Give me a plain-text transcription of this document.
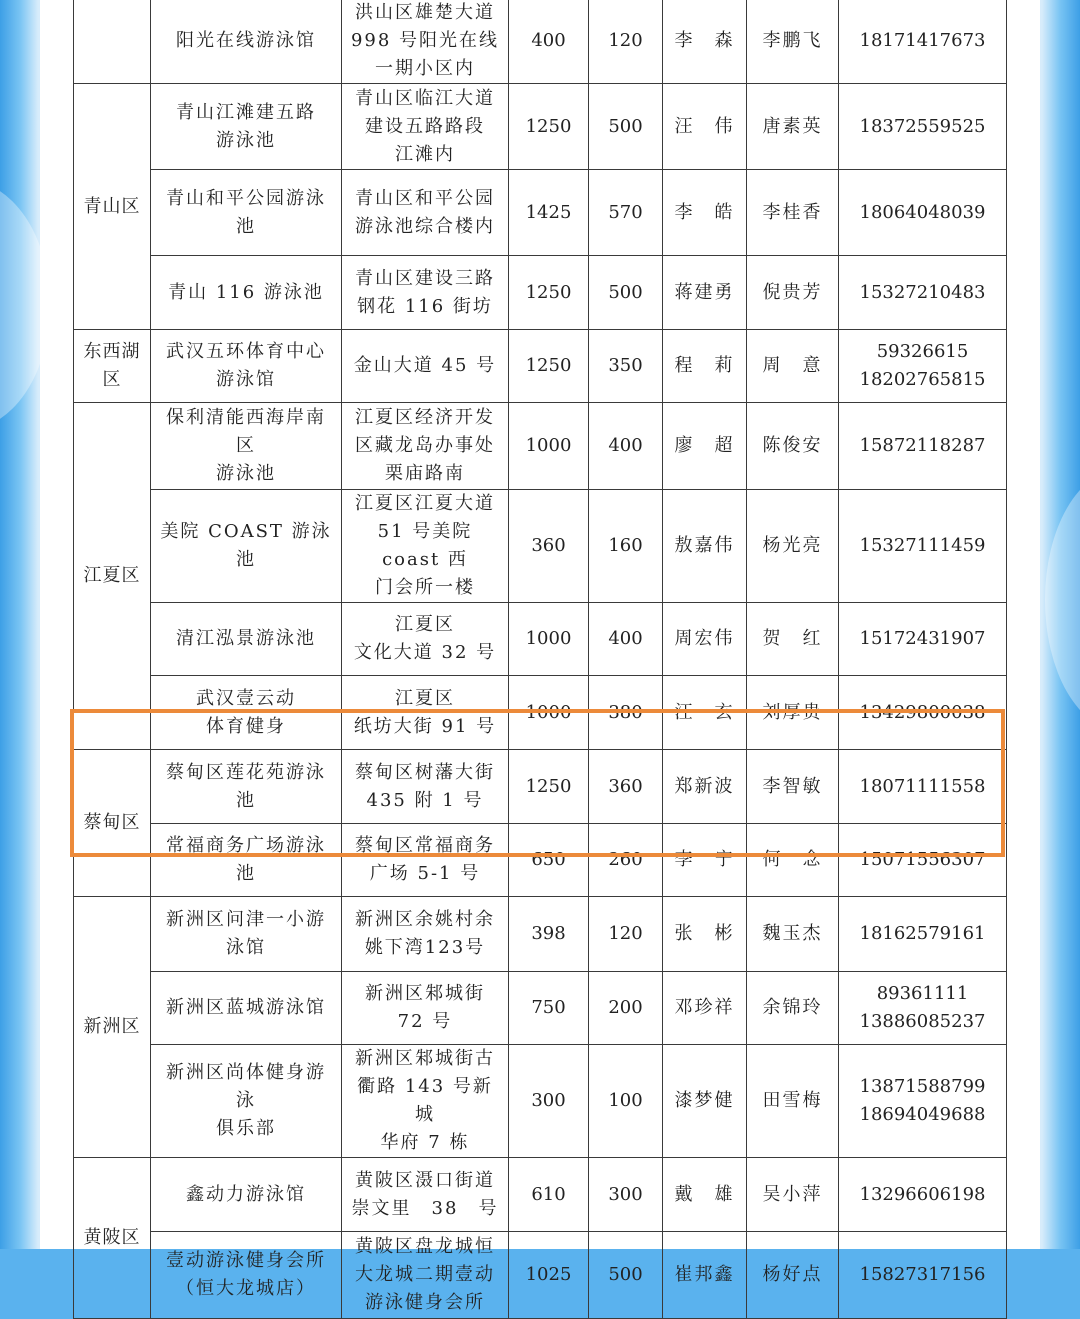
	阳光在线游泳馆	洪山区雄楚大道
998 号阳光在线
一期小区内	400	120	李　森	李鹏飞	18171417673
青山区	青山江滩建五路
游泳池	青山区临江大道
建设五路路段
江滩内	1250	500	汪　伟	唐素英	18372559525
	青山和平公园游泳池	青山区和平公园
游泳池综合楼内	1425	570	李　皓	李桂香	18064048039
	青山 116 游泳池	青山区建设三路
钢花 116 街坊	1250	500	蒋建勇	倪贵芳	15327210483
东西湖
区	武汉五环体育中心
游泳馆	金山大道 45 号	1250	350	程　莉	周　意	59326615
18202765815
江夏区	保利清能西海岸南区
游泳池	江夏区经济开发
区藏龙岛办事处
栗庙路南	1000	400	廖　超	陈俊安	15872118287
	美院 COAST 游泳池	江夏区江夏大道
51 号美院 coast 西
门会所一楼	360	160	敖嘉伟	杨光亮	15327111459
	清江泓景游泳池	江夏区
文化大道 32 号	1000	400	周宏伟	贺　红	15172431907
	武汉壹云动
体育健身	江夏区
纸坊大街 91 号	1000	380	汪　玄	刘厚贵	13429800038
蔡甸区	蔡甸区莲花苑游泳池	蔡甸区树藩大街
435 附 1 号	1250	360	郑新波	李智敏	18071111558
	常福商务广场游泳池	蔡甸区常福商务
广场 5-1 号	650	260	李　宁	何　念	15071556307
新洲区	新洲区问津一小游
泳馆	新洲区余姚村余
姚下湾123号	398	120	张　彬	魏玉杰	18162579161
	新洲区蓝城游泳馆	新洲区邾城街
72 号	750	200	邓珍祥	余锦玲	89361111
13886085237
	新洲区尚体健身游泳
俱乐部	新洲区邾城街古
衢路 143 号新城
华府 7 栋	300	100	漆梦健	田雪梅	13871588799
18694049688
黄陂区	鑫动力游泳馆	黄陂区滠口街道
崇文里　38　号	610	300	戴　雄	吴小萍	13296606198
	壹动游泳健身会所
（恒大龙城店）	黄陂区盘龙城恒
大龙城二期壹动
游泳健身会所	1025	500	崔邦鑫	杨好点	15827317156
